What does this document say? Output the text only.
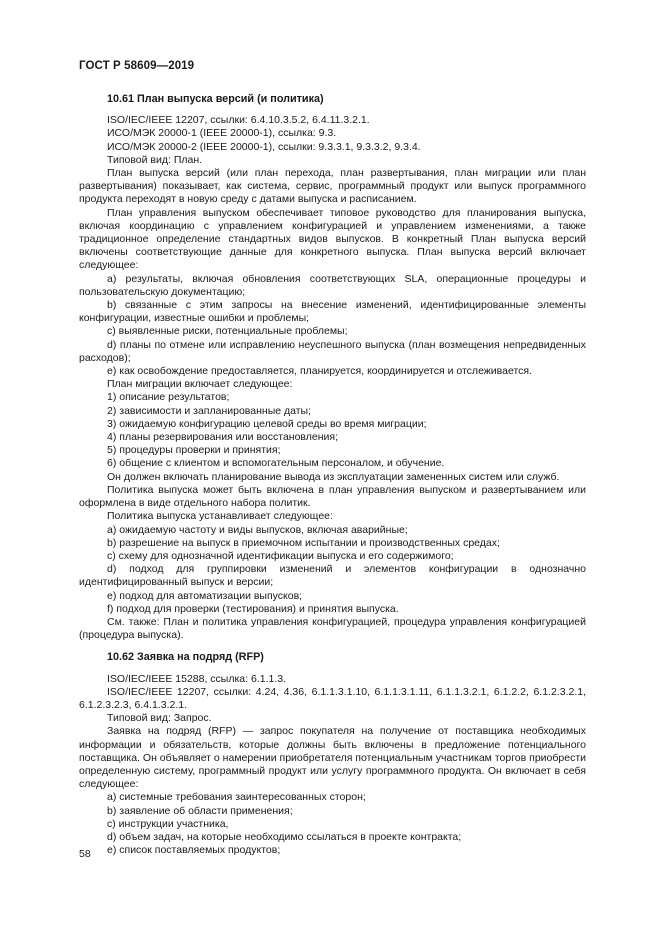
ГОСТ Р 58609—2019

10.61 План выпуска версий (и политика)

ISO/IEC/IEEE 12207, ссылки: 6.4.10.3.5.2, 6.4.11.3.2.1.

ИСО/МЭК 20000-1 (IEEE 20000-1), ссылка: 9.3.

ИСО/МЭК 20000-2 (IEEE 20000-1), ссылки: 9.3.3.1, 9.3.3.2, 9.3.4.

Типовой вид: План.

План выпуска версий (или план перехода, план развертывания, план миграции или план развертывания) показывает, как система, сервис, программный продукт или выпуск программного продукта переходят в новую среду с датами выпуска и расписанием.

План управления выпуском обеспечивает типовое руководство для планирования выпуска, включая координацию с управлением конфигурацией и управлением изменениями, а также традиционное определение стандартных видов выпусков. В конкретный План выпуска версий включены соответствующие данные для конкретного выпуска. План выпуска версий включает следующее:

а) результаты, включая обновления соответствующих SLA, операционные процедуры и пользовательскую документацию;

b) связанные с этим запросы на внесение изменений, идентифицированные элементы конфигурации, известные ошибки и проблемы;

c) выявленные риски, потенциальные проблемы;

d) планы по отмене или исправлению неуспешного выпуска (план возмещения непредвиденных расходов);

e) как освобождение предоставляется, планируется, координируется и отслеживается.

План миграции включает следующее:

1) описание результатов;

2) зависимости и запланированные даты;

3) ожидаемую конфигурацию целевой среды во время миграции;

4) планы резервирования или восстановления;

5) процедуры проверки и принятия;

6) общение с клиентом и вспомогательным персоналом, и обучение.

Он должен включать планирование вывода из эксплуатации замененных систем или служб.

Политика выпуска может быть включена в план управления выпуском и развертыванием или оформлена в виде отдельного набора политик.

Политика выпуска устанавливает следующее:

а) ожидаемую частоту и виды выпусков, включая аварийные;

b) разрешение на выпуск в приемочном испытании и производственных средах;

c) схему для однозначной идентификации выпуска и его содержимого;

d) подход для группировки изменений и элементов конфигурации в однозначно идентифицированный выпуск и версии;

e) подход для автоматизации выпусков;

f) подход для проверки (тестирования) и принятия выпуска.

См. также: План и политика управления конфигурацией, процедура управления конфигурацией (процедура выпуска).

10.62 Заявка на подряд (RFP)

ISO/IEC/IEEE 15288, ссылка: 6.1.1.3.

ISO/IEC/IEEE 12207, ссылки: 4.24, 4.36, 6.1.1.3.1.10, 6.1.1.3.1.11, 6.1.1.3.2.1, 6.1.2.2, 6.1.2.3.2.1, 6.1.2.3.2.3, 6.4.1.3.2.1.

Типовой вид: Запрос.

Заявка на подряд (RFP) — запрос покупателя на получение от поставщика необходимых информации и обязательств, которые должны быть включены в предложение потенциального поставщика. Он объявляет о намерении приобретателя потенциальным участникам торгов приобрести определенную систему, программный продукт или услугу программного продукта. Он включает в себя следующее:

а) системные требования заинтересованных сторон;

b) заявление об области применения;

c) инструкции участника,

d) объем задач, на которые необходимо ссылаться в проекте контракта;

e) список поставляемых продуктов;

58
